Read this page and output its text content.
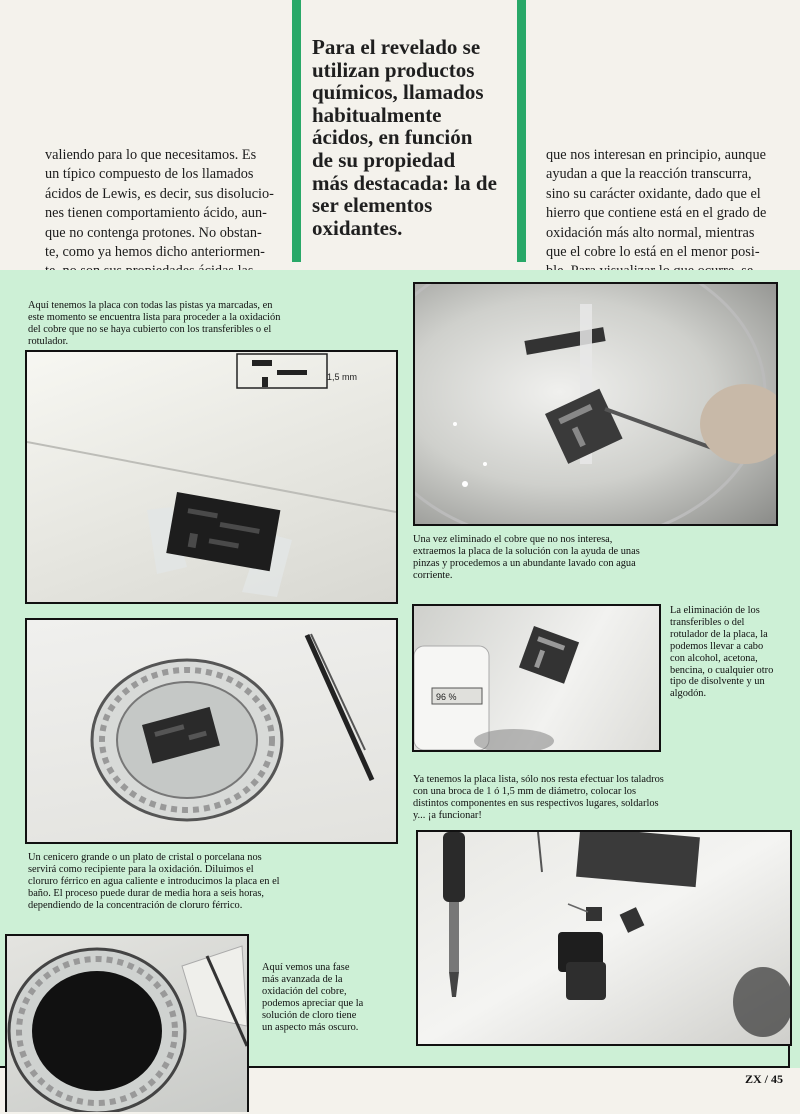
valiendo para lo que necesitamos. Es
un típico compuesto de los llamados
ácidos de Lewis, es decir, sus disolucio-
nes tienen comportamiento ácido, aun-
que no contenga protones. No obstan-
te, como ya hemos dicho anteriormen-
Para el revelado se
utilizan productos
químicos, llamados
habitualmente
ácidos, en función
de su propiedad
más destacada: la de
ser elementos
oxidantes.
que nos interesan en principio, aunque
ayudan a que la reacción transcurra,
sino su carácter oxidante, dado que el
hierro que contiene está en el grado de
oxidación más alto normal, mientras
que el cobre lo está en el menor posi-
Aquí tenemos la placa con todas las pistas ya marcadas, en
este momento se encuentra lista para proceder a la oxidación
del cobre que no se haya cubierto con los transferibles o el
rotulador.
1,5 mm
Una vez eliminado el cobre que no nos interesa,
extraemos la placa de la solución con la ayuda de unas
pinzas y procedemos a un abundante lavado con agua
corriente.
96 %
La eliminación de los
transferibles o del
rotulador de la placa, la
podemos llevar a cabo
con alcohol, acetona,
bencina, o cualquier otro
tipo de disolvente y un
algodón.
Ya tenemos la placa lista, sólo nos resta efectuar los taladros
con una broca de 1 ó 1,5 mm de diámetro, colocar los
distintos componentes en sus respectivos lugares, soldarlos
y... ¡a funcionar!
Un cenicero grande o un plato de cristal o porcelana nos
servirá como recipiente para la oxidación. Diluimos el
cloruro férrico en agua caliente e introducimos la placa en el
baño. El proceso puede durar de media hora a seis horas,
dependiendo de la concentración de cloruro férrico.
Aquí vemos una fase
más avanzada de la
oxidación del cobre,
podemos apreciar que la
solución de cloro tiene
un aspecto más oscuro.
ZX / 45
